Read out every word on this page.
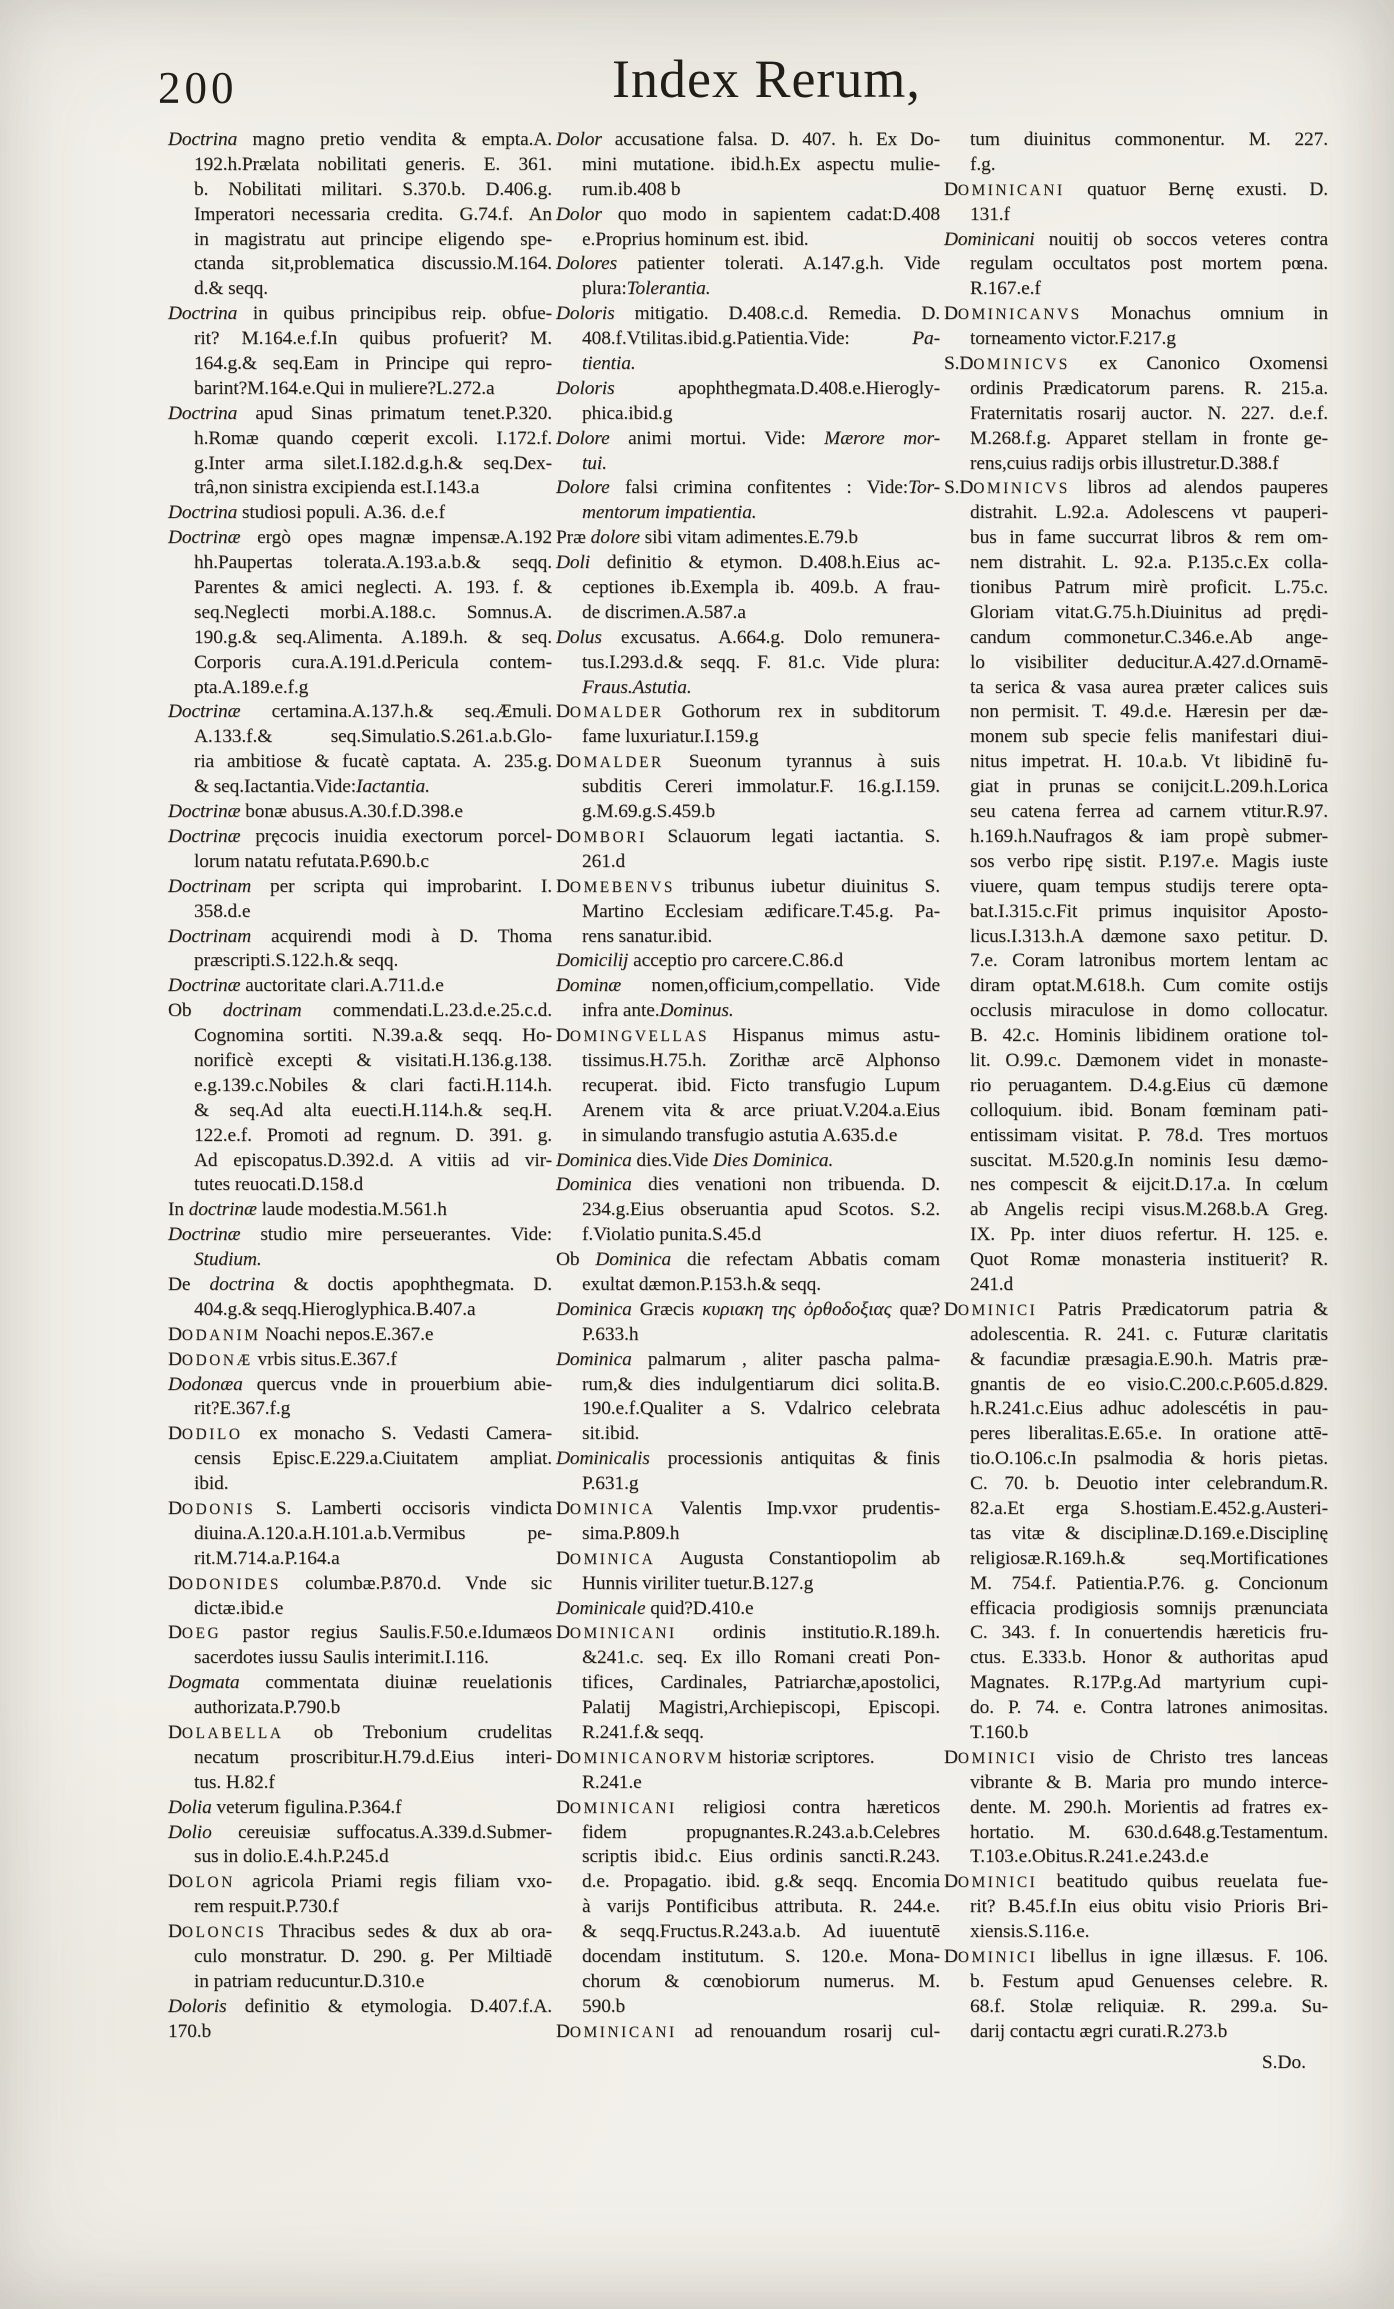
200	Index Rerum,
Doctrina magno pretio vendita & empta.A.
192.h.Prælata nobilitati generis. E. 361.
b. Nobilitati militari. S.370.b. D.406.g.
Imperatori necessaria credita. G.74.f. An
in magistratu aut principe eligendo spe-
ctanda sit,problematica discussio.M.164.
d.& seqq.
Doctrina in quibus principibus reip. obfue-
rit? M.164.e.f.In quibus profuerit? M.
164.g.& seq.Eam in Principe qui repro-
barint?M.164.e.Qui in muliere?L.272.a
Doctrina apud Sinas primatum tenet.P.320.
h.Romæ quando cœperit excoli. I.172.f.
g.Inter arma silet.I.182.d.g.h.& seq.Dex-
trâ,non sinistra excipienda est.I.143.a
Doctrina studiosi populi. A.36. d.e.f
Doctrinæ ergò opes magnæ impensæ.A.192
hh.Paupertas tolerata.A.193.a.b.& seqq.
Parentes & amici neglecti. A. 193. f. &
seq.Neglecti morbi.A.188.c. Somnus.A.
190.g.& seq.Alimenta. A.189.h. & seq.
Corporis cura.A.191.d.Pericula contem-
pta.A.189.e.f.g
Doctrinæ certamina.A.137.h.& seq.Æmuli.
A.133.f.& seq.Simulatio.S.261.a.b.Glo-
ria ambitiose & fucatè captata. A. 235.g.
& seq.Iactantia.Vide:Iactantia.
Doctrinæ bonæ abusus.A.30.f.D.398.e
Doctrinæ pręcocis inuidia exectorum porcel-
lorum natatu refutata.P.690.b.c
Doctrinam per scripta qui improbarint. I.
358.d.e
Doctrinam acquirendi modi à D. Thoma
præscripti.S.122.h.& seqq.
Doctrinæ auctoritate clari.A.711.d.e
Ob doctrinam commendati.L.23.d.e.25.c.d.
Cognomina sortiti. N.39.a.& seqq. Ho-
norificè excepti & visitati.H.136.g.138.
e.g.139.c.Nobiles & clari facti.H.114.h.
& seq.Ad alta euecti.H.114.h.& seq.H.
122.e.f. Promoti ad regnum. D. 391. g.
Ad episcopatus.D.392.d. A vitiis ad vir-
tutes reuocati.D.158.d
In doctrinæ laude modestia.M.561.h
Doctrinæ studio mire perseuerantes. Vide:
Studium.
De doctrina & doctis apophthegmata. D.
404.g.& seqq.Hieroglyphica.B.407.a
DODANIM Noachi nepos.E.367.e
DODONÆ vrbis situs.E.367.f
Dodonæa quercus vnde in prouerbium abie-
rit?E.367.f.g
DODILO ex monacho S. Vedasti Camera-
censis Episc.E.229.a.Ciuitatem ampliat.
ibid.
DODONIS S. Lamberti occisoris vindicta
diuina.A.120.a.H.101.a.b.Vermibus pe-
rit.M.714.a.P.164.a
DODONIDES columbæ.P.870.d. Vnde sic
dictæ.ibid.e
DOEG pastor regius Saulis.F.50.e.Idumæos
sacerdotes iussu Saulis interimit.I.116.
Dogmata commentata diuinæ reuelationis
authorizata.P.790.b
DOLABELLA ob Trebonium crudelitas
necatum proscribitur.H.79.d.Eius interi-
tus. H.82.f
Dolia veterum figulina.P.364.f
Dolio cereuisiæ suffocatus.A.339.d.Submer-
sus in dolio.E.4.h.P.245.d
DOLON agricola Priami regis filiam vxo-
rem respuit.P.730.f
DOLONCIS Thracibus sedes & dux ab ora-
culo monstratur. D. 290. g. Per Miltiadē
in patriam reducuntur.D.310.e
Doloris definitio & etymologia. D.407.f.A.
170.b
Dolor accusatione falsa. D. 407. h. Ex Do-
mini mutatione. ibid.h.Ex aspectu mulie-
rum.ib.408 b
Dolor quo modo in sapientem cadat:D.408
e.Proprius hominum est. ibid.
Dolores patienter tolerati. A.147.g.h. Vide
plura:Tolerantia.
Doloris mitigatio. D.408.c.d. Remedia. D.
408.f.Vtilitas.ibid.g.Patientia.Vide: Pa-
tientia.
Doloris apophthegmata.D.408.e.Hierogly-
phica.ibid.g
Dolore animi mortui. Vide: Mærore mor-
tui.
Dolore falsi crimina confitentes : Vide:Tor-
mentorum impatientia.
Præ dolore sibi vitam adimentes.E.79.b
Doli definitio & etymon. D.408.h.Eius ac-
ceptiones ib.Exempla ib. 409.b. A frau-
de discrimen.A.587.a
Dolus excusatus. A.664.g. Dolo remunera-
tus.I.293.d.& seqq. F. 81.c. Vide plura:
Fraus.Astutia.
DOMALDER Gothorum rex in subditorum
fame luxuriatur.I.159.g
DOMALDER Sueonum tyrannus à suis
subditis Cereri immolatur.F. 16.g.I.159.
g.M.69.g.S.459.b
DOMBORI Sclauorum legati iactantia. S.
261.d
DOMEBENVS tribunus iubetur diuinitus S.
Martino Ecclesiam ædificare.T.45.g. Pa-
rens sanatur.ibid.
Domicilij acceptio pro carcere.C.86.d
Dominæ nomen,officium,compellatio. Vide
infra ante.Dominus.
DOMINGVELLAS Hispanus mimus astu-
tissimus.H.75.h. Zorithæ arcē Alphonso
recuperat. ibid. Ficto transfugio Lupum
Arenem vita & arce priuat.V.204.a.Eius
in simulando transfugio astutia A.635.d.e
Dominica dies.Vide Dies Dominica.
Dominica dies venationi non tribuenda. D.
234.g.Eius obseruantia apud Scotos. S.2.
f.Violatio punita.S.45.d
Ob Dominica die refectam Abbatis comam
exultat dæmon.P.153.h.& seqq.
Dominica Græcis κυριακη της ὀρθοδοξιας quæ?
P.633.h
Dominica palmarum , aliter pascha palma-
rum,& dies indulgentiarum dici solita.B.
190.e.f.Qualiter a S. Vdalrico celebrata
sit.ibid.
Dominicalis processionis antiquitas & finis
P.631.g
DOMINICA Valentis Imp.vxor prudentis-
sima.P.809.h
DOMINICA Augusta Constantiopolim ab
Hunnis viriliter tuetur.B.127.g
Dominicale quid?D.410.e
DOMINICANI ordinis institutio.R.189.h.
&241.c. seq. Ex illo Romani creati Pon-
tifices, Cardinales, Patriarchæ,apostolici,
Palatij Magistri,Archiepiscopi, Episcopi.
R.241.f.& seqq.
DOMINICANORVM historiæ scriptores.
R.241.e
DOMINICANI religiosi contra hæreticos
fidem propugnantes.R.243.a.b.Celebres
scriptis ibid.c. Eius ordinis sancti.R.243.
d.e. Propagatio. ibid. g.& seqq. Encomia
à varijs Pontificibus attributa. R. 244.e.
& seqq.Fructus.R.243.a.b. Ad iuuentutē
docendam institutum. S. 120.e. Mona-
chorum & cœnobiorum numerus. M.
590.b
DOMINICANI ad renouandum rosarij cul-
tum diuinitus commonentur. M. 227.
f.g.
DOMINICANI quatuor Bernę exusti. D.
131.f
Dominicani nouitij ob soccos veteres contra
regulam occultatos post mortem pœna.
R.167.e.f
DOMINICANVS Monachus omnium in
torneamento victor.F.217.g
S.DOMINICVS ex Canonico Oxomensi
ordinis Prædicatorum parens. R. 215.a.
Fraternitatis rosarij auctor. N. 227. d.e.f.
M.268.f.g. Apparet stellam in fronte ge-
rens,cuius radijs orbis illustretur.D.388.f
S.DOMINICVS libros ad alendos pauperes
distrahit. L.92.a. Adolescens vt pauperi-
bus in fame succurrat libros & rem om-
nem distrahit. L. 92.a. P.135.c.Ex colla-
tionibus Patrum mirè proficit. L.75.c.
Gloriam vitat.G.75.h.Diuinitus ad prędi-
candum commonetur.C.346.e.Ab ange-
lo visibiliter deducitur.A.427.d.Ornamē-
ta serica & vasa aurea præter calices suis
non permisit. T. 49.d.e. Hæresin per dæ-
monem sub specie felis manifestari diui-
nitus impetrat. H. 10.a.b. Vt libidinē fu-
giat in prunas se conijcit.L.209.h.Lorica
seu catena ferrea ad carnem vtitur.R.97.
h.169.h.Naufragos & iam propè submer-
sos verbo ripę sistit. P.197.e. Magis iuste
viuere, quam tempus studijs terere opta-
bat.I.315.c.Fit primus inquisitor Aposto-
licus.I.313.h.A dæmone saxo petitur. D.
7.e. Coram latronibus mortem lentam ac
diram optat.M.618.h. Cum comite ostijs
occlusis miraculose in domo collocatur.
B. 42.c. Hominis libidinem oratione tol-
lit. O.99.c. Dæmonem videt in monaste-
rio peruagantem. D.4.g.Eius cū dæmone
colloquium. ibid. Bonam fœminam pati-
entissimam visitat. P. 78.d. Tres mortuos
suscitat. M.520.g.In nominis Iesu dæmo-
nes compescit & eijcit.D.17.a. In cœlum
ab Angelis recipi visus.M.268.b.A Greg.
IX. Pp. inter diuos refertur. H. 125. e.
Quot Romæ monasteria instituerit? R.
241.d
DOMINICI Patris Prædicatorum patria &
adolescentia. R. 241. c. Futuræ claritatis
& facundiæ præsagia.E.90.h. Matris præ-
gnantis de eo visio.C.200.c.P.605.d.829.
h.R.241.c.Eius adhuc adolescétis in pau-
peres liberalitas.E.65.e. In oratione attē-
tio.O.106.c.In psalmodia & horis pietas.
C. 70. b. Deuotio inter celebrandum.R.
82.a.Et erga S.hostiam.E.452.g.Austeri-
tas vitæ & disciplinæ.D.169.e.Disciplinę
religiosæ.R.169.h.& seq.Mortificationes
M. 754.f. Patientia.P.76. g. Concionum
efficacia prodigiosis somnijs prænunciata
C. 343. f. In conuertendis hæreticis fru-
ctus. E.333.b. Honor & authoritas apud
Magnates. R.17P.g.Ad martyrium cupi-
do. P. 74. e. Contra latrones animositas.
T.160.b
DOMINICI visio de Christo tres lanceas
vibrante & B. Maria pro mundo interce-
dente. M. 290.h. Morientis ad fratres ex-
hortatio. M. 630.d.648.g.Testamentum.
T.103.e.Obitus.R.241.e.243.d.e
DOMINICI beatitudo quibus reuelata fue-
rit? B.45.f.In eius obitu visio Prioris Bri-
xiensis.S.116.e.
DOMINICI libellus in igne illæsus. F. 106.
b. Festum apud Genuenses celebre. R.
68.f. Stolæ reliquiæ. R. 299.a. Su-
darij contactu ægri curati.R.273.b
S.Do.
